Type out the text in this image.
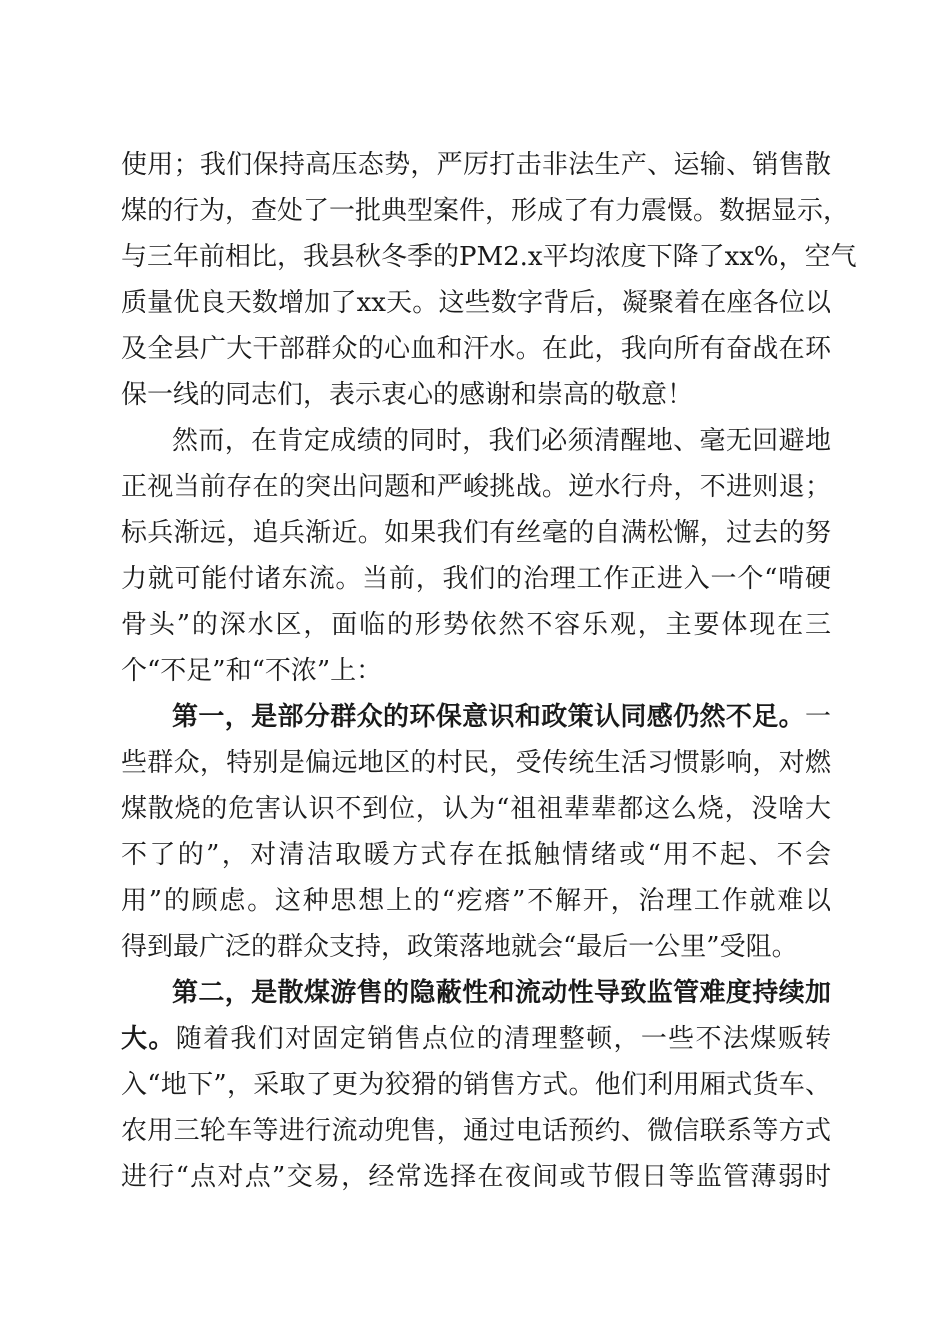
使用；我们保持高压态势，严厉打击非法生产、运输、销售散
煤的行为，查处了一批典型案件，形成了有力震慑。数据显示，
与三年前相比，我县秋冬季的PM2.x平均浓度下降了xx%，空气
质量优良天数增加了xx天。这些数字背后，凝聚着在座各位以
及全县广大干部群众的心血和汗水。在此，我向所有奋战在环
保一线的同志们，表示衷心的感谢和崇高的敬意！
然而，在肯定成绩的同时，我们必须清醒地、毫无回避地
正视当前存在的突出问题和严峻挑战。逆水行舟，不进则退；
标兵渐远，追兵渐近。如果我们有丝毫的自满松懈，过去的努
力就可能付诸东流。当前，我们的治理工作正进入一个“啃硬
骨头”的深水区，面临的形势依然不容乐观，主要体现在三
个“不足”和“不浓”上：
第一，是部分群众的环保意识和政策认同感仍然不足。一
些群众，特别是偏远地区的村民，受传统生活习惯影响，对燃
煤散烧的危害认识不到位，认为“祖祖辈辈都这么烧，没啥大
不了的”，对清洁取暖方式存在抵触情绪或“用不起、不会
用”的顾虑。这种思想上的“疙瘩”不解开，治理工作就难以
得到最广泛的群众支持，政策落地就会“最后一公里”受阻。
第二，是散煤游售的隐蔽性和流动性导致监管难度持续加
大。随着我们对固定销售点位的清理整顿，一些不法煤贩转
入“地下”，采取了更为狡猾的销售方式。他们利用厢式货车、
农用三轮车等进行流动兜售，通过电话预约、微信联系等方式
进行“点对点”交易，经常选择在夜间或节假日等监管薄弱时
